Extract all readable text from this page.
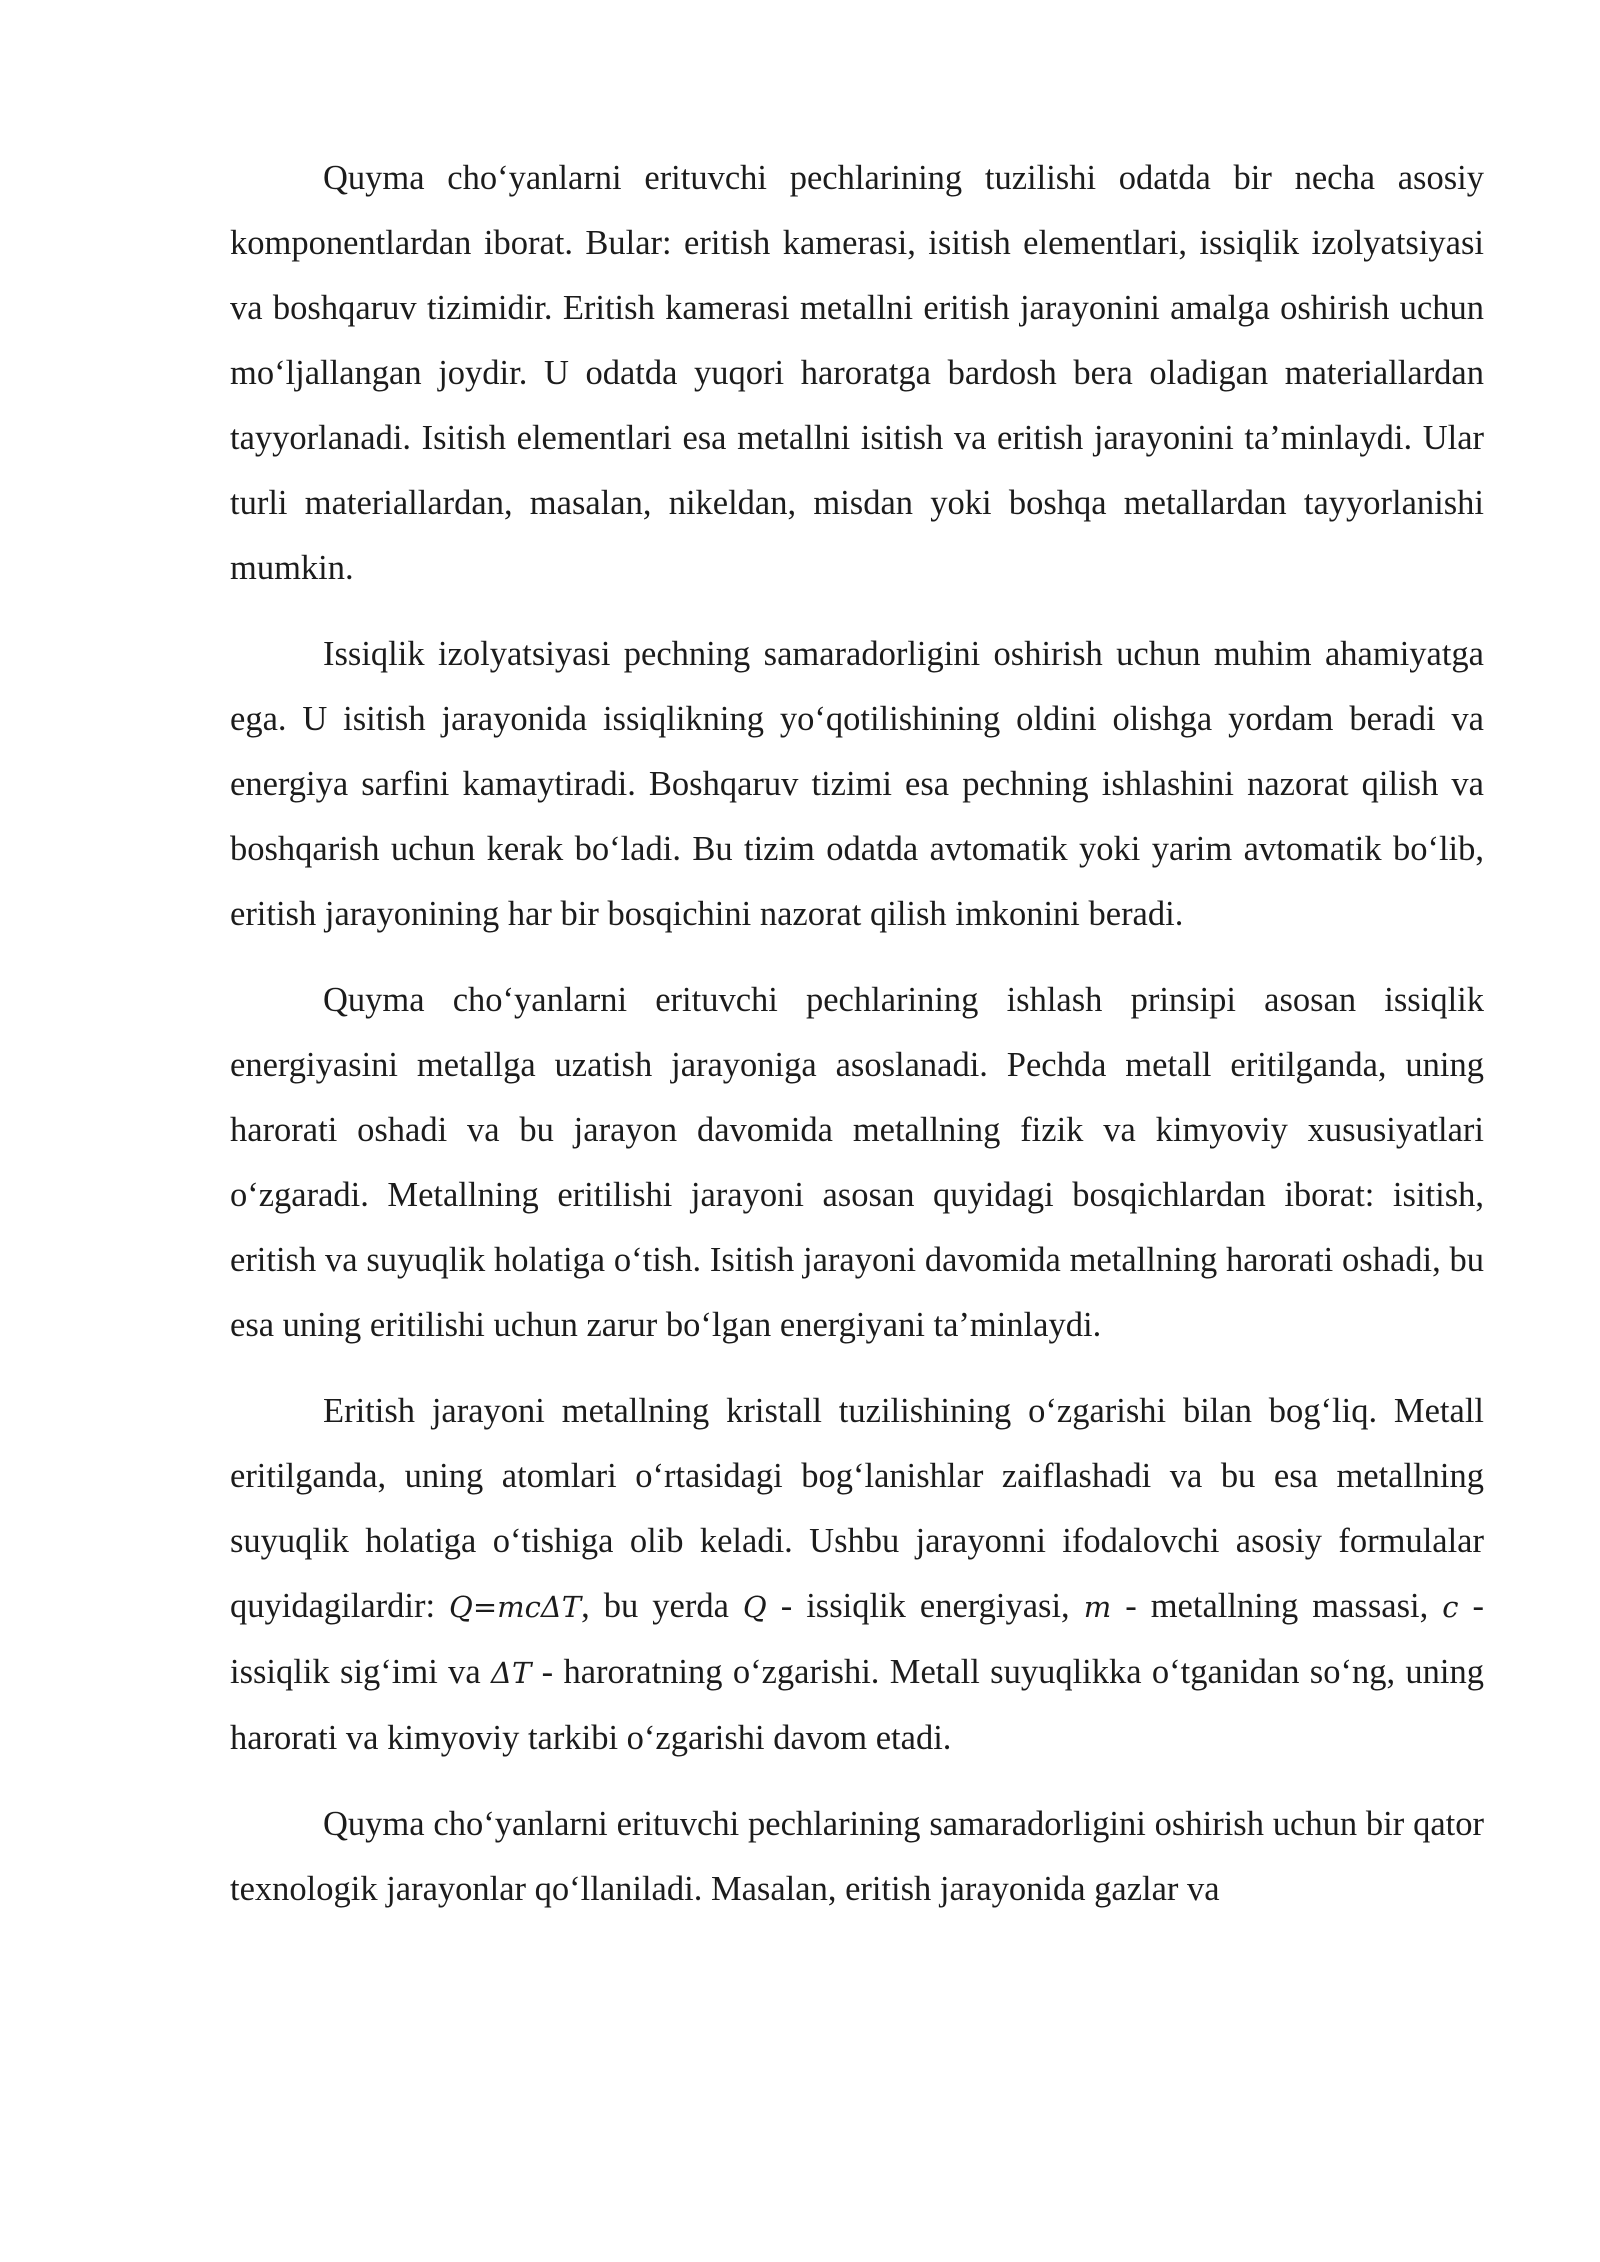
Quyma cho‘yanlarni erituvchi pechlarining tuzilishi odatda bir necha asosiy komponentlardan iborat. Bular: eritish kamerasi, isitish elementlari, issiqlik izolyatsiyasi va boshqaruv tizimidir. Eritish kamerasi metallni eritish jarayonini amalga oshirish uchun mo‘ljallangan joydir. U odatda yuqori haroratga bardosh bera oladigan materiallardan tayyorlanadi. Isitish elementlari esa metallni isitish va eritish jarayonini ta’minlaydi. Ular turli materiallardan, masalan, nikeldan, misdan yoki boshqa metallardan tayyorlanishi mumkin.

Issiqlik izolyatsiyasi pechning samaradorligini oshirish uchun muhim ahamiyatga ega. U isitish jarayonida issiqlikning yo‘qotilishining oldini olishga yordam beradi va energiya sarfini kamaytiradi. Boshqaruv tizimi esa pechning ishlashini nazorat qilish va boshqarish uchun kerak bo‘ladi. Bu tizim odatda avtomatik yoki yarim avtomatik bo‘lib, eritish jarayonining har bir bosqichini nazorat qilish imkonini beradi.

Quyma cho‘yanlarni erituvchi pechlarining ishlash prinsipi asosan issiqlik energiyasini metallga uzatish jarayoniga asoslanadi. Pechda metall eritilganda, uning harorati oshadi va bu jarayon davomida metallning fizik va kimyoviy xususiyatlari o‘zgaradi. Metallning eritilishi jarayoni asosan quyidagi bosqichlardan iborat: isitish, eritish va suyuqlik holatiga o‘tish. Isitish jarayoni davomida metallning harorati oshadi, bu esa uning eritilishi uchun zarur bo‘lgan energiyani ta’minlaydi.

Eritish jarayoni metallning kristall tuzilishining o‘zgarishi bilan bog‘liq. Metall eritilganda, uning atomlari o‘rtasidagi bog‘lanishlar zaiflashadi va bu esa metallning suyuqlik holatiga o‘tishiga olib keladi. Ushbu jarayonni ifodalovchi asosiy formulalar quyidagilardir: Q=mcΔT, bu yerda Q - issiqlik energiyasi, m - metallning massasi, c - issiqlik sig‘imi va ΔT - haroratning o‘zgarishi. Metall suyuqlikka o‘tganidan so‘ng, uning harorati va kimyoviy tarkibi o‘zgarishi davom etadi.

Quyma cho‘yanlarni erituvchi pechlarining samaradorligini oshirish uchun bir qator texnologik jarayonlar qo‘llaniladi. Masalan, eritish jarayonida gazlar va
